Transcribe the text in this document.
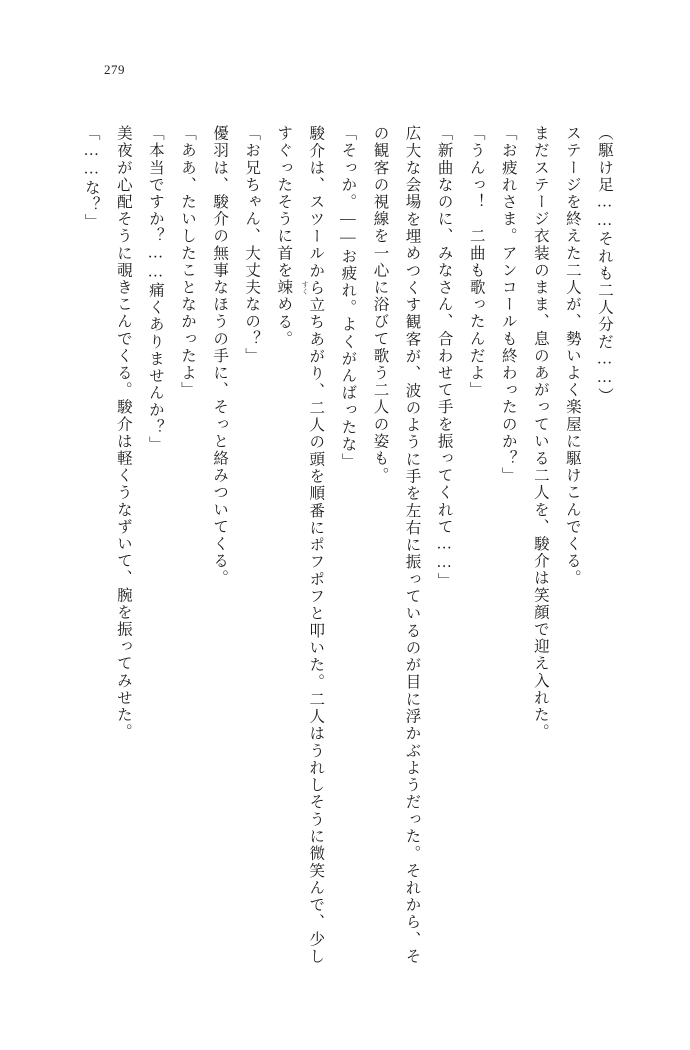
279

（駆け足……それも二人分だ……）

ステージを終えた二人が、勢いよく楽屋に駆けこんでくる。

まだステージ衣装のまま、息のあがっている二人を、駿介は笑顔で迎え入れた。

「お疲れさま。アンコールも終わったのか？」

「うんっ！　二曲も歌ったんだよ」

「新曲なのに、みなさん、合わせて手を振ってくれて……」

広大な会場を埋めつくす観客が、波のように手を左右に振っているのが目に浮かぶようだった。それから、その観客の視線を一心に浴びて歌う二人の姿も。

「そっか。——お疲れ。よくがんばったな」

駿介は、スツールから立ちあがり、二人の頭を順番にポフポフと叩いた。二人はうれしそうに微笑んで、少しすぐったそうに首を竦 すく
める。

「お兄ちゃん、大丈夫なの？」

優羽は、駿介の無事なほうの手に、そっと絡みついてくる。

「ああ、たいしたことなかったよ」

「本当ですか？……痛くありませんか？」

美夜が心配そうに覗きこんでくる。駿介は軽くうなずいて、腕を振ってみせた。

「……な？」
